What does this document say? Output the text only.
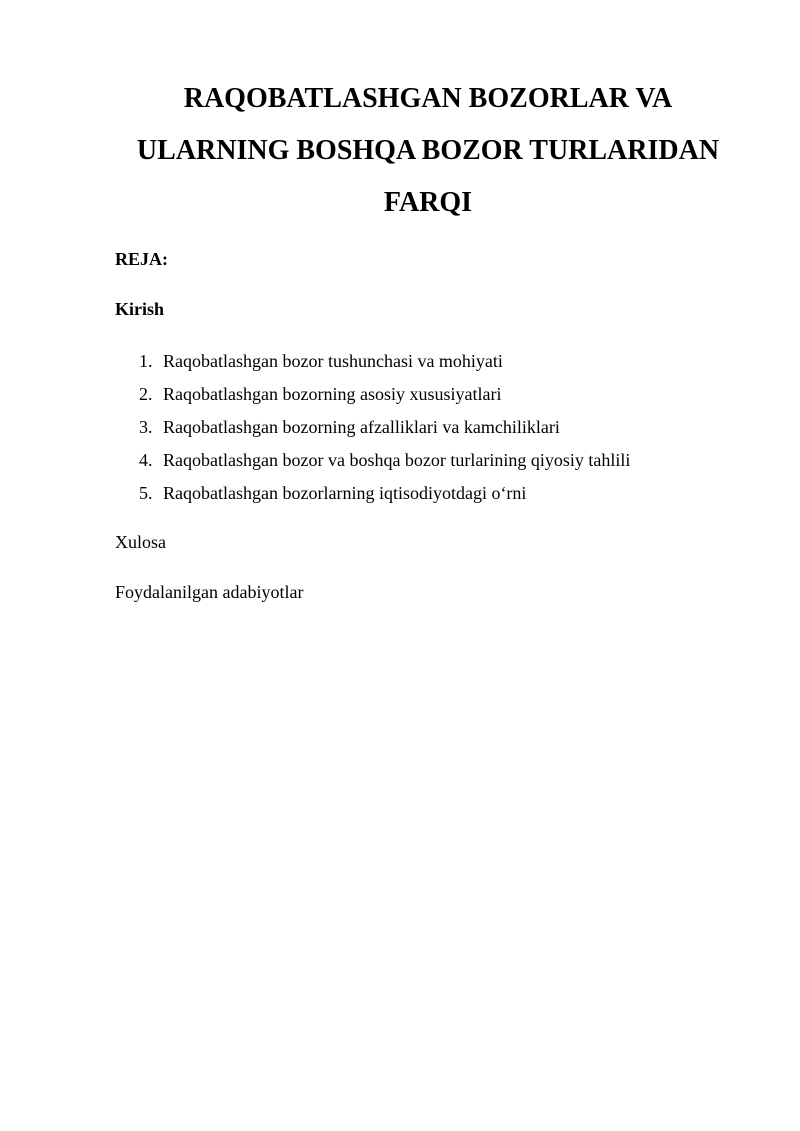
RAQOBATLASHGAN BOZORLAR VA
ULARNING BOSHQA BOZOR TURLARIDAN
FARQI

REJA:

Kirish

1. Raqobatlashgan bozor tushunchasi va mohiyati
2. Raqobatlashgan bozorning asosiy xususiyatlari
3. Raqobatlashgan bozorning afzalliklari va kamchiliklari
4. Raqobatlashgan bozor va boshqa bozor turlarining qiyosiy tahlili
5. Raqobatlashgan bozorlarning iqtisodiyotdagi o‘rni

Xulosa

Foydalanilgan adabiyotlar
